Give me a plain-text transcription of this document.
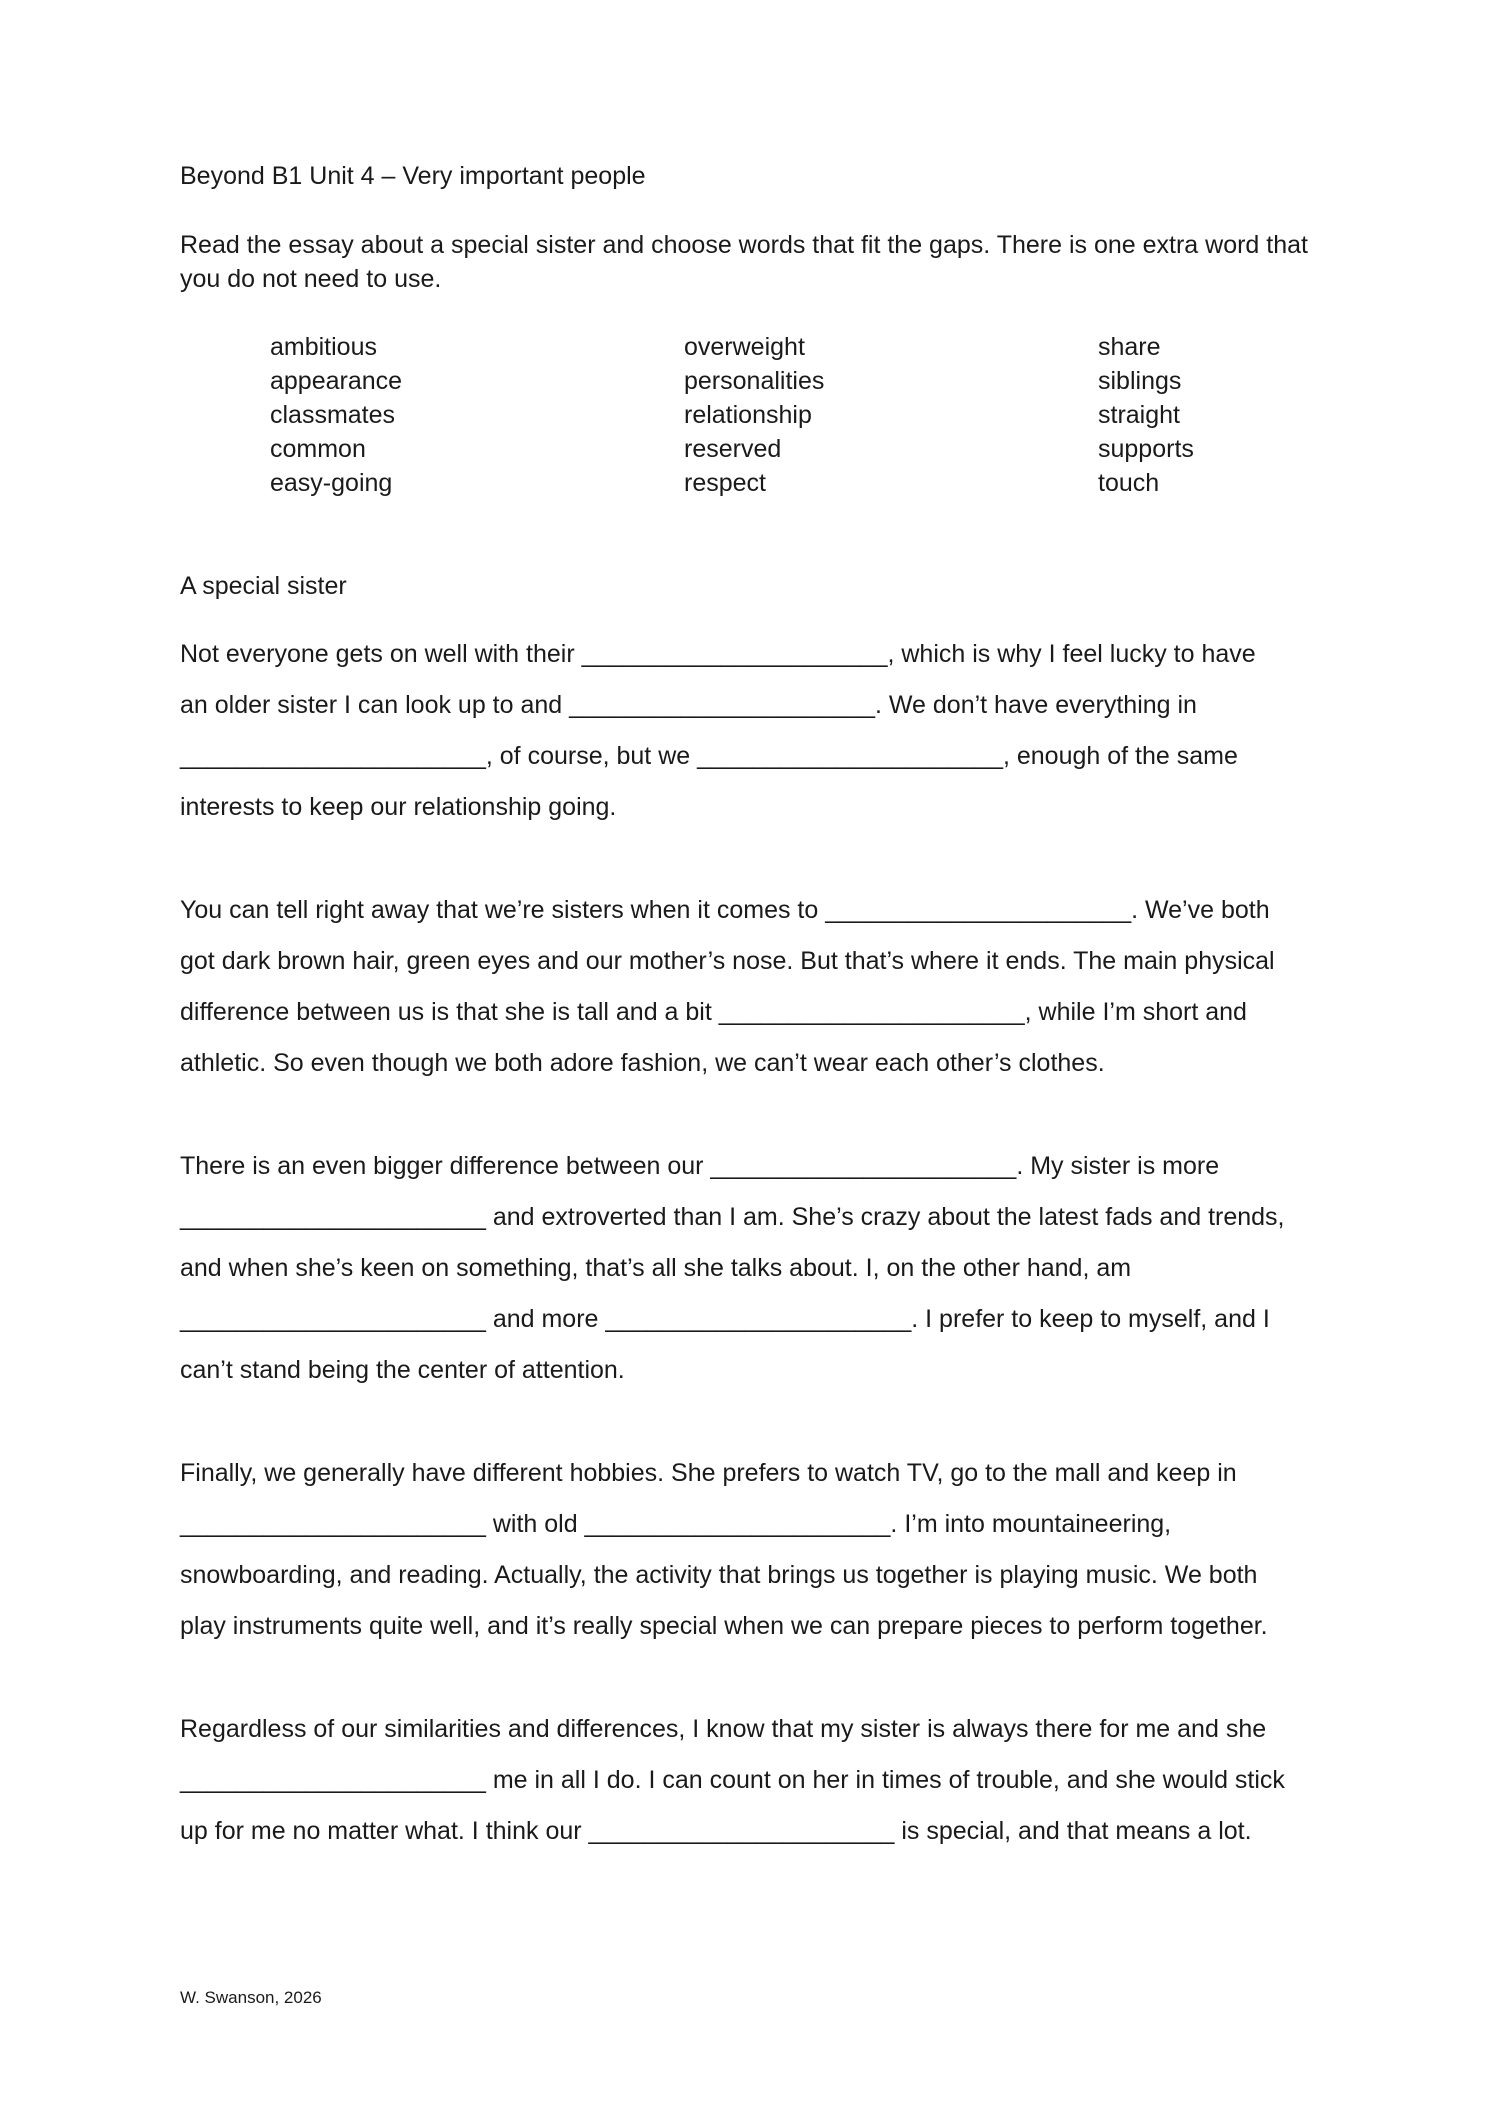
Beyond B1 Unit 4 – Very important people
Read the essay about a special sister and choose words that fit the gaps. There is one extra word that you do not need to use.
ambitious
appearance
classmates
common
easy-going
overweight
personalities
relationship
reserved
respect
share
siblings
straight
supports
touch
A special sister
Not everyone gets on well with their ______________________, which is why I feel lucky to have
an older sister I can look up to and ______________________. We don’t have everything in
______________________, of course, but we ______________________, enough of the same
interests to keep our relationship going.
You can tell right away that we’re sisters when it comes to ______________________. We’ve both
got dark brown hair, green eyes and our mother’s nose. But that’s where it ends. The main physical
difference between us is that she is tall and a bit ______________________, while I’m short and
athletic. So even though we both adore fashion, we can’t wear each other’s clothes.
There is an even bigger difference between our ______________________. My sister is more
______________________ and extroverted than I am. She’s crazy about the latest fads and trends,
and when she’s keen on something, that’s all she talks about. I, on the other hand, am
______________________ and more ______________________. I prefer to keep to myself, and I
can’t stand being the center of attention.
Finally, we generally have different hobbies. She prefers to watch TV, go to the mall and keep in
______________________ with old ______________________. I’m into mountaineering,
snowboarding, and reading. Actually, the activity that brings us together is playing music. We both
play instruments quite well, and it’s really special when we can prepare pieces to perform together.
Regardless of our similarities and differences, I know that my sister is always there for me and she
______________________ me in all I do. I can count on her in times of trouble, and she would stick
up for me no matter what. I think our ______________________ is special, and that means a lot.
W. Swanson, 2026
